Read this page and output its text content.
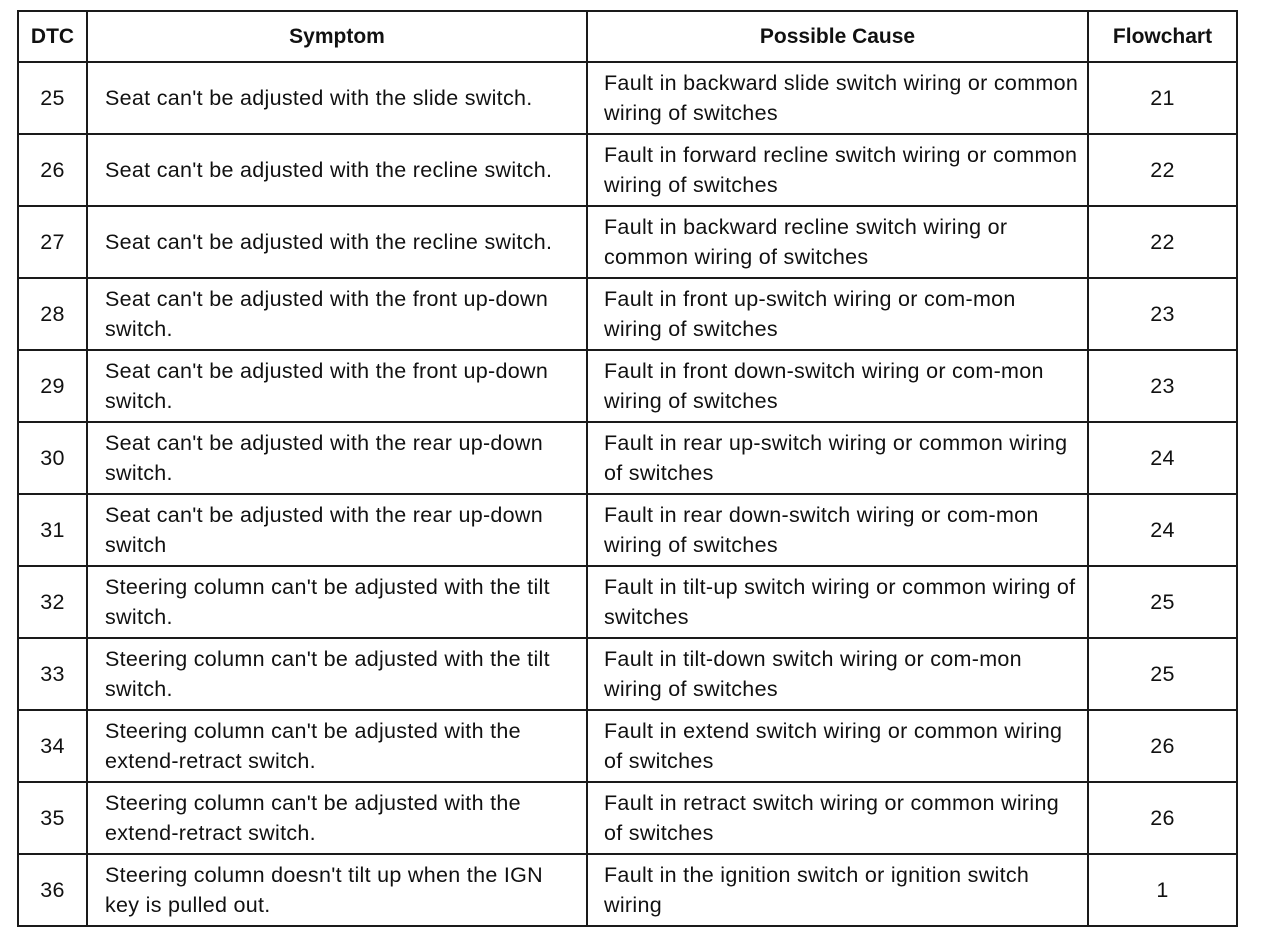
DTC	Symptom	Possible Cause	Flowchart
25	Seat can't be adjusted with the slide switch.	Fault in backward slide switch wiring or common wiring of switches	21
26	Seat can't be adjusted with the recline switch.	Fault in forward recline switch wiring or common wiring of switches	22
27	Seat can't be adjusted with the recline switch.	Fault in backward recline switch wiring or common wiring of switches	22
28	Seat can't be adjusted with the front up-down switch.	Fault in front up-switch wiring or com-mon wiring of switches	23
29	Seat can't be adjusted with the front up-down switch.	Fault in front down-switch wiring or com-mon wiring of switches	23
30	Seat can't be adjusted with the rear up-down switch.	Fault in rear up-switch wiring or common wiring of switches	24
31	Seat can't be adjusted with the rear up-down switch	Fault in rear down-switch wiring or com-mon wiring of switches	24
32	Steering column can't be adjusted with the tilt switch.	Fault in tilt-up switch wiring or common wiring of switches	25
33	Steering column can't be adjusted with the tilt switch.	Fault in tilt-down switch wiring or com-mon wiring of switches	25
34	Steering column can't be adjusted with the extend-retract switch.	Fault in extend switch wiring or common wiring of switches	26
35	Steering column can't be adjusted with the extend-retract switch.	Fault in retract switch wiring or common wiring of switches	26
36	Steering column doesn't tilt up when the IGN key is pulled out.	Fault in the ignition switch or ignition switch wiring	1
